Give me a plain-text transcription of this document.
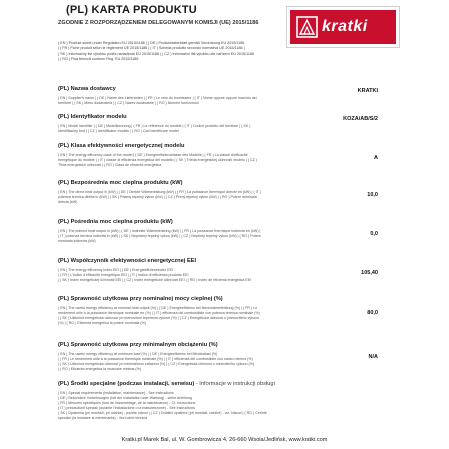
(PL) KARTA PRODUKTU
ZGODNIE Z ROZPORZĄDZENIEM DELEGOWANYM KOMISJI (UE) 2015/1186
( EN ) Product sheet under Regulation EU 2015/1186 | ( DE ) Produktdatenblatt gemäß Verordnung EU 2015/1186
| ( FR ) Fiche produit selon le règlement UE 2015/1186 | ( IT ) Scheda prodotto secondo normativa UE 2015/1186 |
( SK ) Informačný list výrobku podľa nariadenia EÚ 2015/1186 | ( CZ ) Informační list výrobku dle nařízení EU 2015/1186
| ( RO ) Fișa tehnică conform Reg. EU 2015/1186
kratki
(PL) Nazwa dostawcy	KRATKI
( EN ) Supplier's name | ( DE ) Name des Lieferanten | ( FR ) Le nom du fournisseur | ( IT ) Nome oppure oppure marchio del
fornitore | ( SK ) Meno dodávateľa | ( CZ ) Název dodavatele | ( RO ) Numele furnizorului
(PL) Identyfikator modelu	KOZA/AB/S/2
( EN ) Model identifier | ( DE ) Modellkennung | ( FR ) Le référence du modèle | ( IT ) Codice prodotto del fornitore | ( SK )
Identifikačný kód | ( CZ ) Identifikátor modelu | ( RO ) Cod identificare model
(PL) Klasa efektywności energetycznej modelu
A
( EN ) The energy efficiency class of the model | ( DE ) Energieeffizienzklasse des Modells | ( FR ) La classe d'efficacité
énergétique du modèle | ( IT ) classe di efficienza energetica del modello | ( SK ) Trieda energetickej účinnosti modelu | ( CZ )
Třída energetické účinnosti | ( RO ) Clasa de eficienta energetica
(PL) Bezpośrednia moc cieplna produktu (kW)
10,0
( EN ) The direct heat output in (kW) | ( DE ) Direkte Wärmeleistung (kW) | ( FR ) La puissance thermique directe en (kW) | ( IT )
potenza termica diretta in (kW) | ( SK ) Priamy tepelný výkon (kW) | ( CZ ) Přímý tepelný výkon (kW) | ( RO ) Putere nominala
directa (kW)
(PL) Pośrednia moc cieplna produktu (kW)
0,0
( EN ) The indirect heat output in (kW) | ( DE ) Indirekte Wärmeleistung (kW) | ( FR ) La puissance thermique indirecte en (kW) |
( IT ) potenza termica indiretta in (kW) | ( SK ) Nepriamy tepelný výkon (kW) | ( CZ ) Nepřímý tepelný výkon (kW) | ( RO ) Putere
nominala indirecta (kW)
(PL) Współczynnik efektywności energetycznej EEI
105,40
( EN ) The energy efficiency index EEI | ( DE ) Energieeffizienzindex EEI
| ( FR ) L'indice d'efficacité énergétique EEI | ( IT ) indice di efficienza prodotto EEI
| ( SK ) Index energetickej účinnosti EEI | ( CZ ) Index energetické účinnosti EEI | ( RO ) Index de eficienta energetica EEI
(PL) Sprawność użytkowa przy nominalnej mocy cieplnej (%)
80,0
( EN ) The useful energy efficiency at nominal heat output (%) | ( DE ) Energieeffizienz bei Nennwärmeleistung (%) | ( FR ) Le
rendement utile à la puissance thermique nominale en (%) | ( IT ) efficienza del combustibile con potenza termica nominale (%)
| ( SK ) Užitočná energetická účinnosť pri menovitom tepelnom výkone (%) | ( CZ ) Energetická účinnost u jmenovitého výkonu
(%) | ( RO ) Eficienta energetica la putere nominala (%)
(PL) Sprawność użytkowa przy minimalnym obciążeniu (%)
N/A
( EN ) The useful energy efficiency at minimum load (%) | ( DE ) Energieeffizienz bei Mindestlast (%)
| ( FR ) Le rendement utile à la puissance thermique minimale (%) | ( IT ) efficienza del combustibile con carico minimo (%)
| ( SK ) Užitočná energetická účinnosť pri minimálnom zaťažení (%) | ( CZ ) Energetická účinnost u minimálního výkonu (%)
| ( RO ) Eficienta energetica la incarcare minima (%)
(PL) Środki specjalne (podczas instalacji, serwisu) - Informacje w instrukcji obsługi
( EN ) Special requirements (installation, maintenance) - See instructions
( DE ) Besondere Vorkehrungen (bei der Installation oder Wartung) - siehe Anleitung
( FR ) Mesures spécifiques (lors de l'assemblage, de la maintenance) - Cf. instructions
( IT ) precauzioni speciali (durante l'installazione o la manutenzione) - See instructions
( SK ) Opatrenia (pri montáži, pri údržbe) - pozrite návod | ( CZ ) Zvláštní opatření (při montáži, údržbě) - viz. Návod | ( RO ) Cerinte
speciale (la instalare si mentenanta) - Vezi carte tehnica
Kratki.pl Marek Bal, ul. W. Gombrowicza 4, 26-660 Wsola/Jedlińsk, www.kratki.com
